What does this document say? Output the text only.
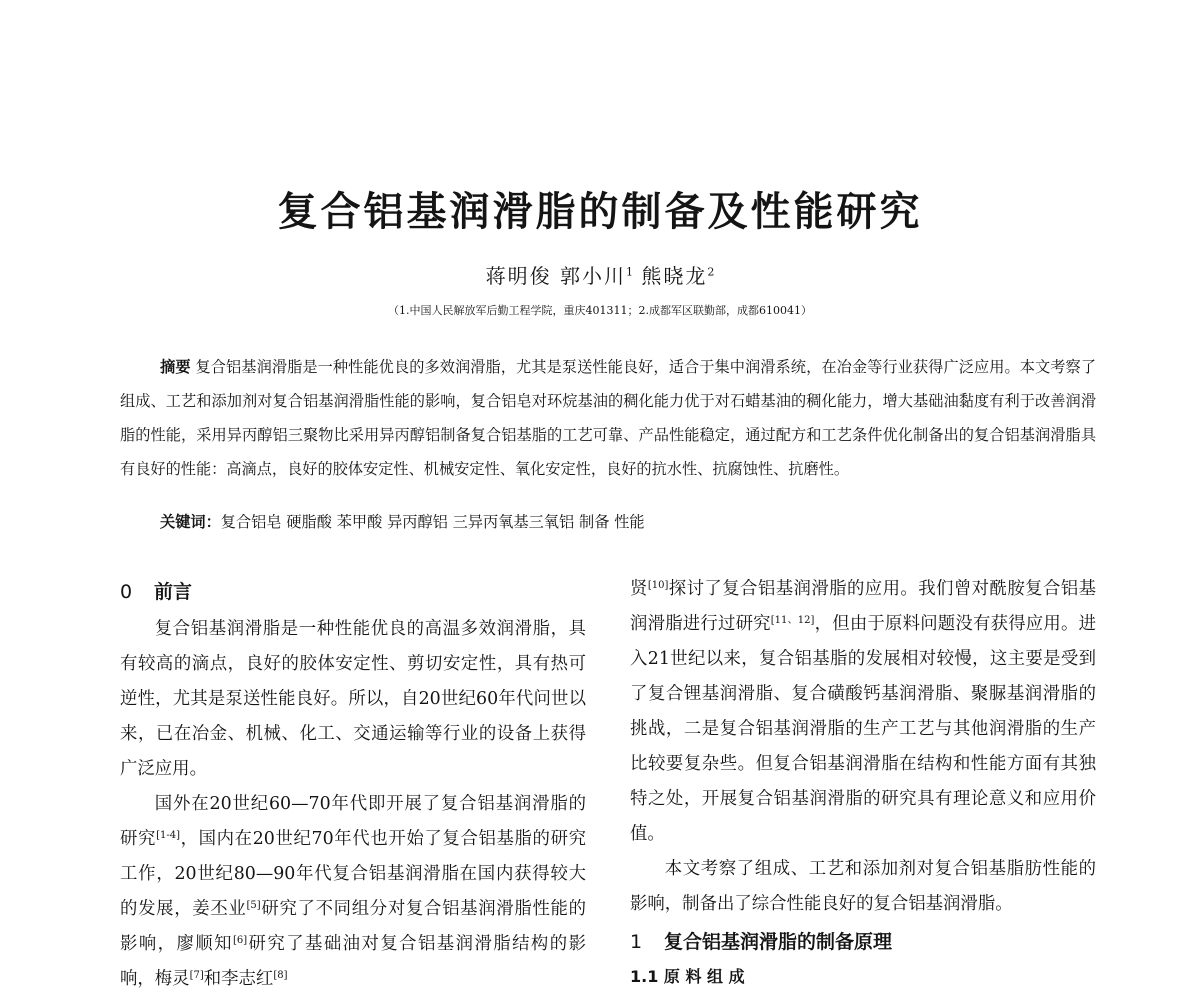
复合铝基润滑脂的制备及性能研究
蒋明俊 郭小川$^1$ 熊晓龙$^2$
（1.中国人民解放军后勤工程学院，重庆401311；2.成都军区联勤部，成都610041）
摘要 复合铝基润滑脂是一种性能优良的多效润滑脂，尤其是泵送性能良好，适合于集中润滑系统，在冶金等行业获得广泛应用。本文考察了组成、工艺和添加剂对复合铝基润滑脂性能的影响，复合铝皂对环烷基油的稠化能力优于对石蜡基油的稠化能力，增大基础油黏度有利于改善润滑脂的性能，采用异丙醇铝三聚物比采用异丙醇铝制备复合铝基脂的工艺可靠、产品性能稳定，通过配方和工艺条件优化制备出的复合铝基润滑脂具有良好的性能：高滴点，良好的胶体安定性、机械安定性、氧化安定性，良好的抗水性、抗腐蚀性、抗磨性。
关键词：复合铝皂 硬脂酸 苯甲酸 异丙醇铝 三异丙氧基三氧铝 制备 性能
0 前言

复合铝基润滑脂是一种性能优良的高温多效润滑脂，具有较高的滴点，良好的胶体安定性、剪切安定性，具有热可逆性，尤其是泵送性能良好。所以，自20世纪60年代问世以来，已在冶金、机械、化工、交通运输等行业的设备上获得广泛应用。

国外在20世纪60—70年代即开展了复合铝基润滑脂的研究[1-4]，国内在20世纪70年代也开始了复合铝基脂的研究工作，20世纪80—90年代复合铝基润滑脂在国内获得较大的发展，姜丕业[5]研究了不同组分对复合铝基润滑脂性能的影响，廖顺知[6]研究了基础油对复合铝基润滑脂结构的影响，梅灵[7]和李志红[8]

贤[10]探讨了复合铝基润滑脂的应用。我们曾对酰胺复合铝基润滑脂进行过研究[11、12]，但由于原料问题没有获得应用。进入21世纪以来，复合铝基脂的发展相对较慢，这主要是受到了复合锂基润滑脂、复合磺酸钙基润滑脂、聚脲基润滑脂的挑战，二是复合铝基润滑脂的生产工艺与其他润滑脂的生产比较要复杂些。但复合铝基润滑脂在结构和性能方面有其独特之处，开展复合铝基润滑脂的研究具有理论意义和应用价值。

本文考察了组成、工艺和添加剂对复合铝基脂肪性能的影响，制备出了综合性能良好的复合铝基润滑脂。

1 复合铝基润滑脂的制备原理
1.1 原 料 组 成
